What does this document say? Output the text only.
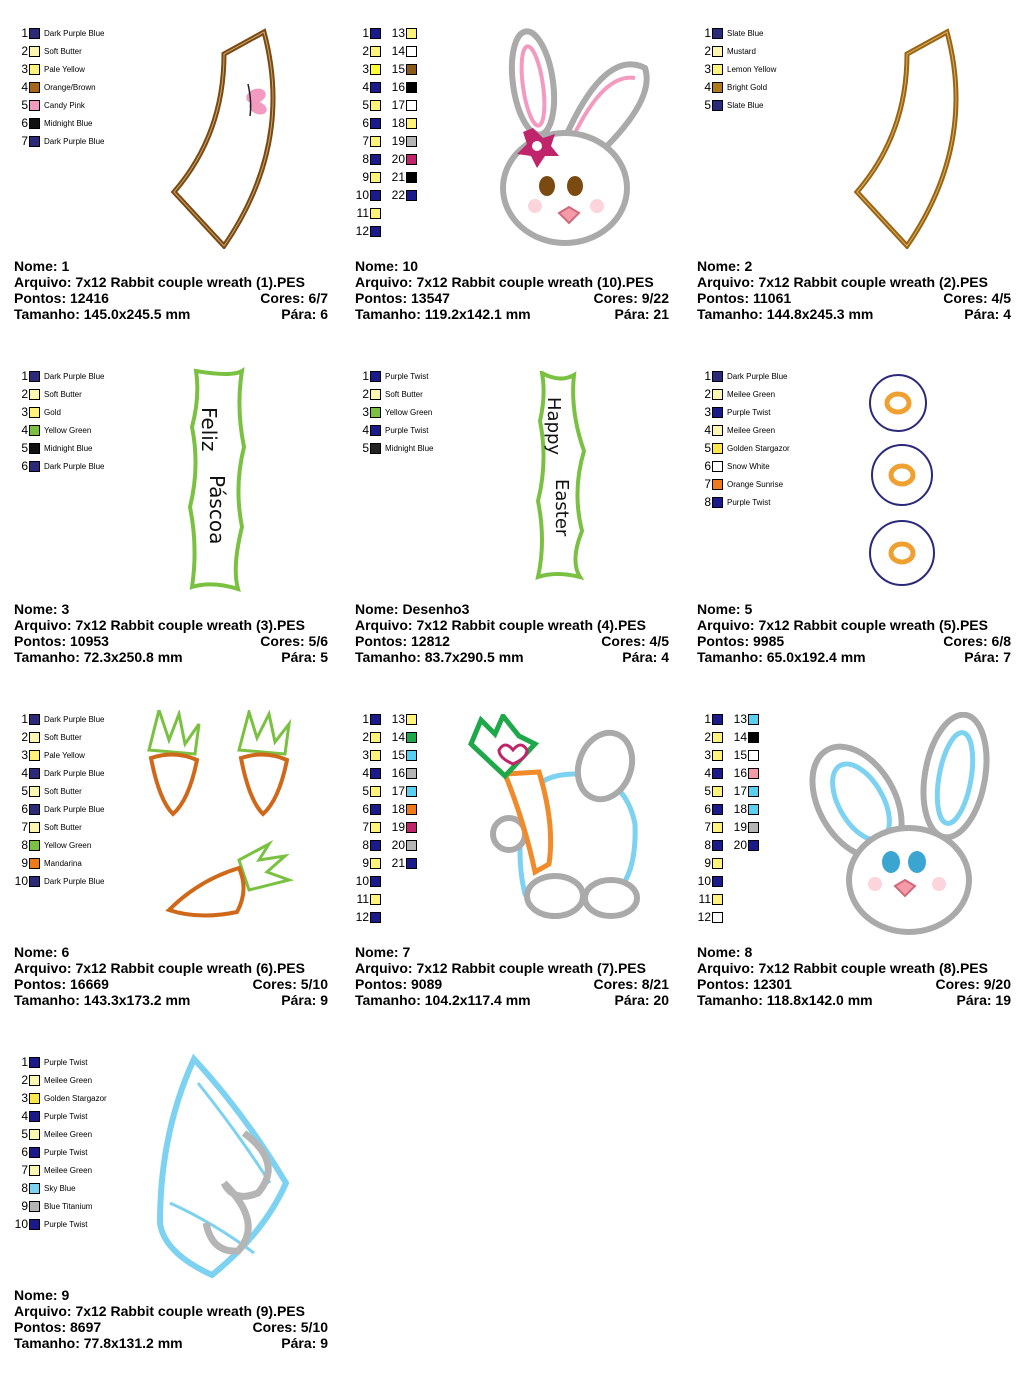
1 Dark Purple Blue
2 Soft Butter
3 Pale Yellow
4 Orange/Brown
5 Candy Pink
6 Midnight Blue
7 Dark Purple Blue
Nome: 1
Arquivo: 7x12 Rabbit couple wreath (1).PES
Pontos: 12416	Cores: 6/7
Tamanho: 145.0x245.5 mm	Pára: 6
1
2
3
4
5
6
7
8
9
10
11
12
13
14
15
16
17
18
19
20
21
22
Nome: 10
Arquivo: 7x12 Rabbit couple wreath (10).PES
Pontos: 13547	Cores: 9/22
Tamanho: 119.2x142.1 mm	Pára: 21
1 Slate Blue
2 Mustard
3 Lemon Yellow
4 Bright Gold
5 Slate Blue
Nome: 2
Arquivo: 7x12 Rabbit couple wreath (2).PES
Pontos: 11061	Cores: 4/5
Tamanho: 144.8x245.3 mm	Pára: 4
1 Dark Purple Blue
2 Soft Butter
3 Gold
4 Yellow Green
5 Midnight Blue
6 Dark Purple Blue
Feliz
Páscoa
Nome: 3
Arquivo: 7x12 Rabbit couple wreath (3).PES
Pontos: 10953	Cores: 5/6
Tamanho: 72.3x250.8 mm	Pára: 5
1 Purple Twist
2 Soft Butter
3 Yellow Green
4 Purple Twist
5 Midnight Blue	Happy
Easter
Nome: Desenho3
Arquivo: 7x12 Rabbit couple wreath (4).PES
Pontos: 12812	Cores: 4/5
Tamanho: 83.7x290.5 mm	Pára: 4
1 Dark Purple Blue
2 Meilee Green
3 Purple Twist
4 Meilee Green
5 Golden Stargazor
6 Snow White
7 Orange Sunrise
8 Purple Twist
Nome: 5
Arquivo: 7x12 Rabbit couple wreath (5).PES
Pontos: 9985	Cores: 6/8
Tamanho: 65.0x192.4 mm	Pára: 7
1 Dark Purple Blue
2 Soft Butter
3 Pale Yellow
4 Dark Purple Blue
5 Soft Butter
6 Dark Purple Blue
7 Soft Butter
8 Yellow Green
9 Mandarina
10 Dark Purple Blue
Nome: 6
Arquivo: 7x12 Rabbit couple wreath (6).PES
Pontos: 16669	Cores: 5/10
Tamanho: 143.3x173.2 mm	Pára: 9
1
2
3
4
5
6
7
8
9
10
11
12
13
14
15
16
17
18
19
20
21
Nome: 7
Arquivo: 7x12 Rabbit couple wreath (7).PES
Pontos: 9089	Cores: 8/21
Tamanho: 104.2x117.4 mm	Pára: 20
1
2
3
4
5
6
7
8
9
10
11
12
13
14
15
16
17
18
19
20
Nome: 8
Arquivo: 7x12 Rabbit couple wreath (8).PES
Pontos: 12301	Cores: 9/20
Tamanho: 118.8x142.0 mm	Pára: 19
1 Purple Twist
2 Meilee Green
3 Golden Stargazor
4 Purple Twist
5 Meilee Green
6 Purple Twist
7 Meilee Green
8 Sky Blue
9 Blue Titanium
10 Purple Twist
Nome: 9
Arquivo: 7x12 Rabbit couple wreath (9).PES
Pontos: 8697	Cores: 5/10
Tamanho: 77.8x131.2 mm	Pára: 9
